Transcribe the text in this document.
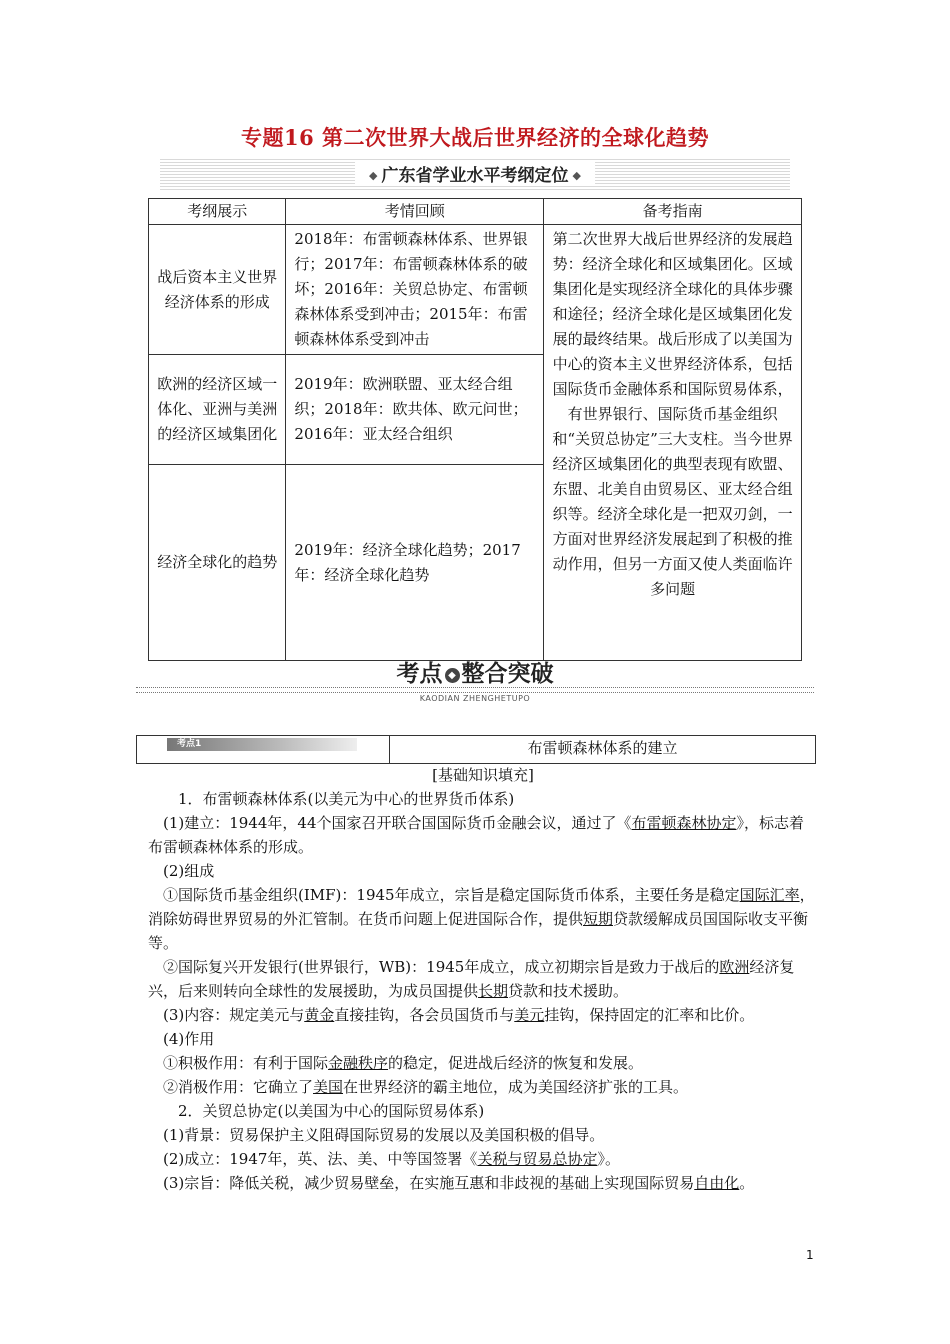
专题16 第二次世界大战后世界经济的全球化趋势
◆ 广东省学业水平考纲定位 ◆
考纲展示	考情回顾	备考指南
战后资本主义世界经济体系的形成	2018年：布雷顿森林体系、世界银行；2017年：布雷顿森林体系的破坏；2016年：关贸总协定、布雷顿森林体系受到冲击；2015年：布雷顿森林体系受到冲击	第二次世界大战后世界经济的发展趋势：经济全球化和区域集团化。区域集团化是实现经济全球化的具体步骤和途径；经济全球化是区域集团化发展的最终结果。战后形成了以美国为中心的资本主义世界经济体系，包括国际货币金融体系和国际贸易体系，有世界银行、国际货币基金组织和“关贸总协定”三大支柱。当今世界经济区域集团化的典型表现有欧盟、东盟、北美自由贸易区、亚太经合组织等。经济全球化是一把双刃剑，一方面对世界经济发展起到了积极的推动作用，但另一方面又使人类面临许多问题
欧洲的经济区域一体化、亚洲与美洲的经济区域集团化	2019年：欧洲联盟、亚太经合组织；2018年：欧共体、欧元问世；2016年：亚太经合组织	
经济全球化的趋势	2019年：经济全球化趋势；2017年：经济全球化趋势	
考点 ◆ 整合突破
KAODIAN ZHENGHETUPO
考点1	布雷顿森林体系的建立

[基础知识填充]

1．布雷顿森林体系(以美元为中心的世界货币体系)

(1)建立：1944年，44个国家召开联合国国际货币金融会议，通过了《布雷顿森林协定》，标志着布雷顿森林体系的形成。

(2)组成

①国际货币基金组织(IMF)：1945年成立，宗旨是稳定国际货币体系，主要任务是稳定国际汇率，消除妨碍世界贸易的外汇管制。在货币问题上促进国际合作，提供短期贷款缓解成员国国际收支平衡等。

②国际复兴开发银行(世界银行，WB)：1945年成立，成立初期宗旨是致力于战后的欧洲经济复兴，后来则转向全球性的发展援助，为成员国提供长期贷款和技术援助。

(3)内容：规定美元与黄金直接挂钩，各会员国货币与美元挂钩，保持固定的汇率和比价。

(4)作用

①积极作用：有利于国际金融秩序的稳定，促进战后经济的恢复和发展。

②消极作用：它确立了美国在世界经济的霸主地位，成为美国经济扩张的工具。

2．关贸总协定(以美国为中心的国际贸易体系)

(1)背景：贸易保护主义阻碍国际贸易的发展以及美国积极的倡导。

(2)成立：1947年，英、法、美、中等国签署《关税与贸易总协定》。

(3)宗旨：降低关税，减少贸易壁垒，在实施互惠和非歧视的基础上实现国际贸易自由化。

1
